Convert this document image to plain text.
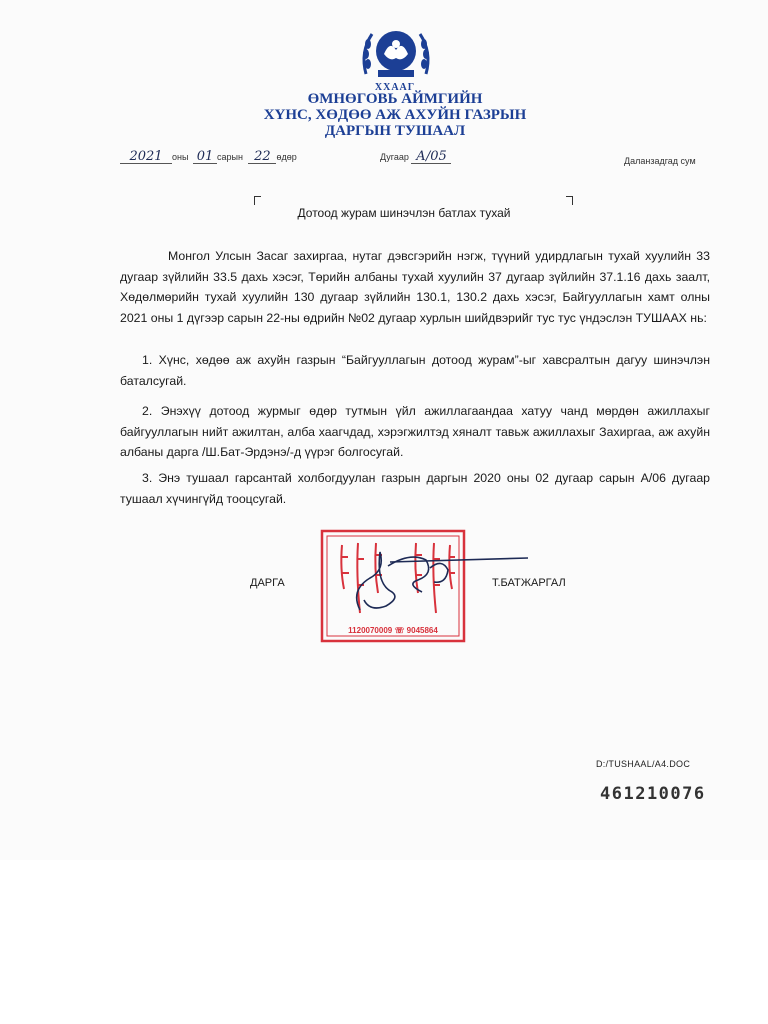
ХХААГ
ӨМНӨГОВЬ АЙМГИЙН
ХҮНС, ХӨДӨӨ АЖ АХУЙН ГАЗРЫН
ДАРГЫН ТУШААЛ
2021 оны 01 сарын 22 өдөр	Дугаар А/05	Даланзадгад сум
Дотоод журам шинэчлэн батлах тухай
Монгол Улсын Засаг захиргаа, нутаг дэвсгэрийн нэгж, түүний удирдлагын тухай хуулийн 33 дугаар зүйлийн 33.5 дахь хэсэг, Төрийн албаны тухай хуулийн 37 дугаар зүйлийн 37.1.16 дахь заалт, Хөдөлмөрийн тухай хуулийн 130 дугаар зүйлийн 130.1, 130.2 дахь хэсэг, Байгууллагын хамт олны 2021 оны 1 дүгээр сарын 22-ны өдрийн №02 дугаар хурлын шийдвэрийг тус тус үндэслэн ТУШААХ нь:
1. Хүнс, хөдөө аж ахуйн газрын “Байгууллагын дотоод журам”-ыг хавсралтын дагуу шинэчлэн баталсугай.
2. Энэхүү дотоод журмыг өдөр тутмын үйл ажиллагаандаа хатуу чанд мөрдөн ажиллахыг байгууллагын нийт ажилтан, алба хаагчдад, хэрэгжилтэд хяналт тавьж ажиллахыг Захиргаа, аж ахуйн албаны дарга /Ш.Бат-Эрдэнэ/-д үүрэг болгосугай.
3. Энэ тушаал гарсантай холбогдуулан газрын даргын 2020 оны 02 дугаар сарын А/06 дугаар тушаал хүчингүйд тооцсугай.
1120070009 ☏ 9045864
ДАРГА	Т.БАТЖАРГАЛ
D:/TUSHAAL/A4.DOC
461210076
